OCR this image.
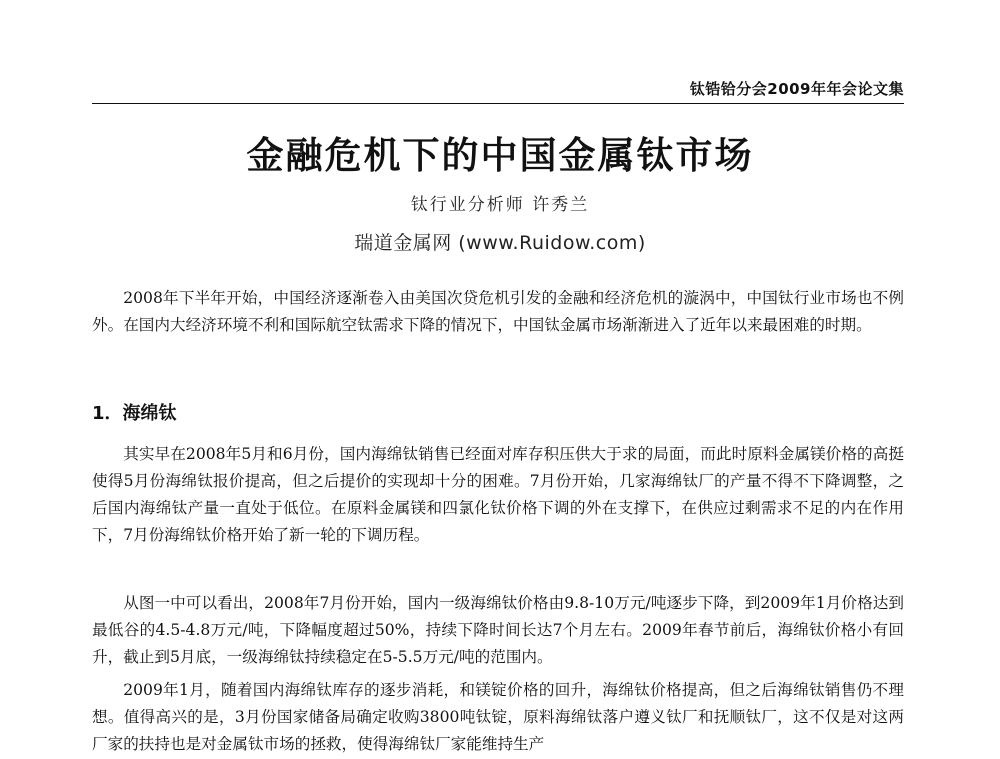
钛锆铪分会2009年年会论文集
金融危机下的中国金属钛市场
钛行业分析师 许秀兰
瑞道金属网 (www.Ruidow.com)

2008年下半年开始，中国经济逐渐卷入由美国次贷危机引发的金融和经济危机的漩涡中，中国钛行业市场也不例外。在国内大经济环境不利和国际航空钛需求下降的情况下，中国钛金属市场渐渐进入了近年以来最困难的时期。

1．海绵钛

其实早在2008年5月和6月份，国内海绵钛销售已经面对库存积压供大于求的局面，而此时原料金属镁价格的高挺使得5月份海绵钛报价提高，但之后提价的实现却十分的困难。7月份开始，几家海绵钛厂的产量不得不下降调整，之后国内海绵钛产量一直处于低位。在原料金属镁和四氯化钛价格下调的外在支撑下，在供应过剩需求不足的内在作用下，7月份海绵钛价格开始了新一轮的下调历程。

从图一中可以看出，2008年7月份开始，国内一级海绵钛价格由9.8-10万元/吨逐步下降，到2009年1月价格达到最低谷的4.5-4.8万元/吨，下降幅度超过50%，持续下降时间长达7个月左右。2009年春节前后，海绵钛价格小有回升，截止到5月底，一级海绵钛持续稳定在5-5.5万元/吨的范围内。

2009年1月，随着国内海绵钛库存的逐步消耗，和镁锭价格的回升，海绵钛价格提高，但之后海绵钛销售仍不理想。值得高兴的是，3月份国家储备局确定收购3800吨钛锭，原料海绵钛落户遵义钛厂和抚顺钛厂，这不仅是对这两厂家的扶持也是对金属钛市场的拯救，使得海绵钛厂家能维持生产
